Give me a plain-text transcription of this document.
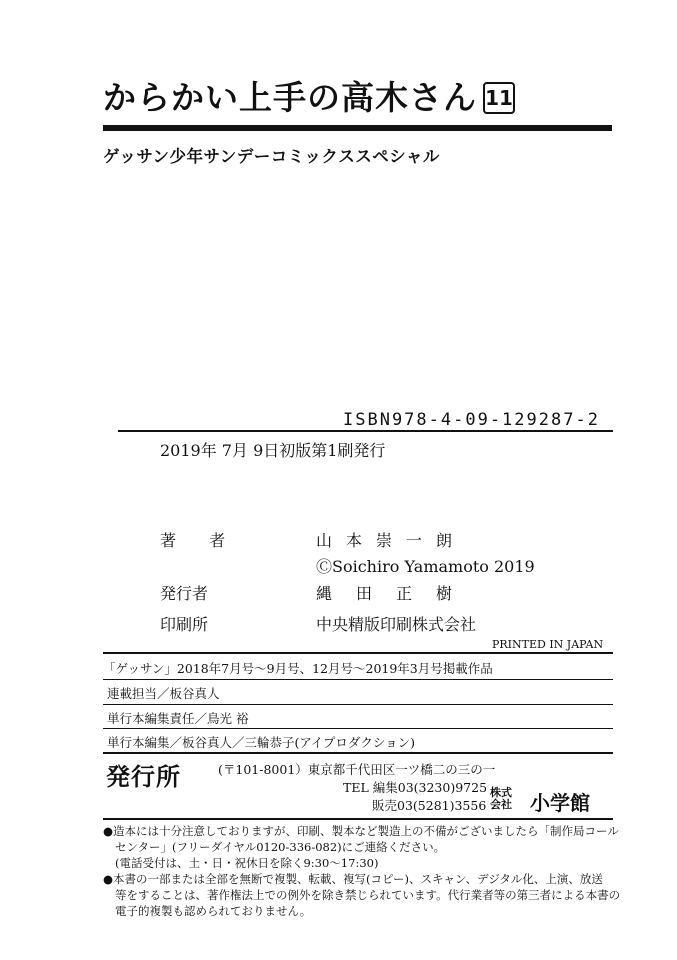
からかい上手の高木さん 11
ゲッサン少年サンデーコミックススペシャル
ISBN978-4-09-129287-2
2019年 7月 9日初版第1刷発行
著 者	山本崇一朗
ⒸSoichiro Yamamoto 2019
発行者	縄田正樹
印刷所	中央精版印刷株式会社
PRINTED IN JAPAN
「ゲッサン」2018年7月号～9月号、12月号～2019年3月号掲載作品
連載担当／板谷真人
単行本編集責任／鳥光 裕
単行本編集／板谷真人／三輪恭子(アイプロダクション)
発行所	(〒101-8001）東京都千代田区一ツ橋二の三の一
TEL 編集03(3230)9725
販売03(5281)3556
株式
会社 小学館
●造本には十分注意しておりますが、印刷、製本など製造上の不備がございましたら「制作局コール
センター」(フリーダイヤル0120-336-082)にご連絡ください。
(電話受付は、土・日・祝休日を除く9:30～17:30)
●本書の一部または全部を無断で複製、転載、複写(コピー)、スキャン、デジタル化、上演、放送
等をすることは、著作権法上での例外を除き禁じられています。代行業者等の第三者による本書の
電子的複製も認められておりません。
